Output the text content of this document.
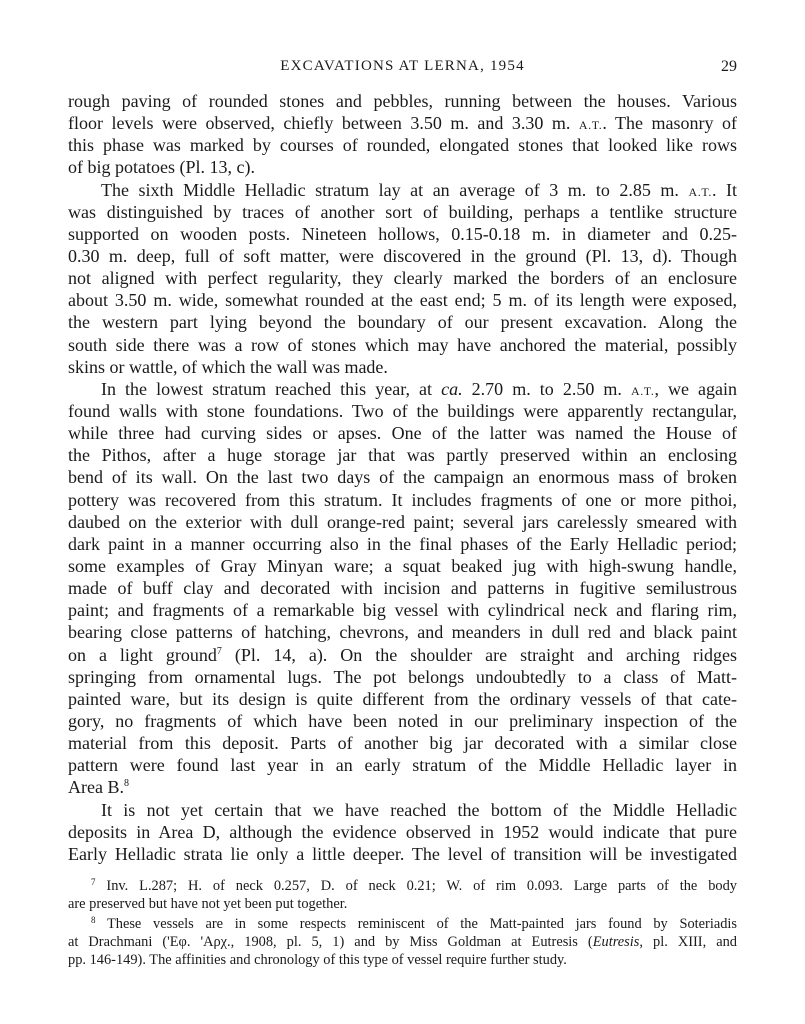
EXCAVATIONS AT LERNA, 1954	29
rough paving of rounded stones and pebbles, running between the houses. Various
floor levels were observed, chiefly between 3.50 m. and 3.30 m. A.T.. The masonry of
this phase was marked by courses of rounded, elongated stones that looked like rows
of big potatoes (Pl. 13, c).
The sixth Middle Helladic stratum lay at an average of 3 m. to 2.85 m. A.T.. It
was distinguished by traces of another sort of building, perhaps a tentlike structure
supported on wooden posts. Nineteen hollows, 0.15-0.18 m. in diameter and 0.25-
0.30 m. deep, full of soft matter, were discovered in the ground (Pl. 13, d). Though
not aligned with perfect regularity, they clearly marked the borders of an enclosure
about 3.50 m. wide, somewhat rounded at the east end; 5 m. of its length were exposed,
the western part lying beyond the boundary of our present excavation. Along the
south side there was a row of stones which may have anchored the material, possibly
skins or wattle, of which the wall was made.
In the lowest stratum reached this year, at ca. 2.70 m. to 2.50 m. A.T., we again
found walls with stone foundations. Two of the buildings were apparently rectangular,
while three had curving sides or apses. One of the latter was named the House of
the Pithos, after a huge storage jar that was partly preserved within an enclosing
bend of its wall. On the last two days of the campaign an enormous mass of broken
pottery was recovered from this stratum. It includes fragments of one or more pithoi,
daubed on the exterior with dull orange-red paint; several jars carelessly smeared with
dark paint in a manner occurring also in the final phases of the Early Helladic period;
some examples of Gray Minyan ware; a squat beaked jug with high-swung handle,
made of buff clay and decorated with incision and patterns in fugitive semilustrous
paint; and fragments of a remarkable big vessel with cylindrical neck and flaring rim,
bearing close patterns of hatching, chevrons, and meanders in dull red and black paint
on a light ground$^7$ (Pl. 14, a). On the shoulder are straight and arching ridges
springing from ornamental lugs. The pot belongs undoubtedly to a class of Matt-
painted ware, but its design is quite different from the ordinary vessels of that cate-
gory, no fragments of which have been noted in our preliminary inspection of the
material from this deposit. Parts of another big jar decorated with a similar close
pattern were found last year in an early stratum of the Middle Helladic layer in
Area B.$^8$
It is not yet certain that we have reached the bottom of the Middle Helladic
deposits in Area D, although the evidence observed in 1952 would indicate that pure
Early Helladic strata lie only a little deeper. The level of transition will be investigated
$^7$ Inv. L.287; H. of neck 0.257, D. of neck 0.21; W. of rim 0.093. Large parts of the body
are preserved but have not yet been put together.
$^8$ These vessels are in some respects reminiscent of the Matt-painted jars found by Soteriadis
at Drachmani ('Εφ. 'Αρχ., 1908, pl. 5, 1) and by Miss Goldman at Eutresis (Eutresis, pl. XIII, and
pp. 146-149). The affinities and chronology of this type of vessel require further study.
